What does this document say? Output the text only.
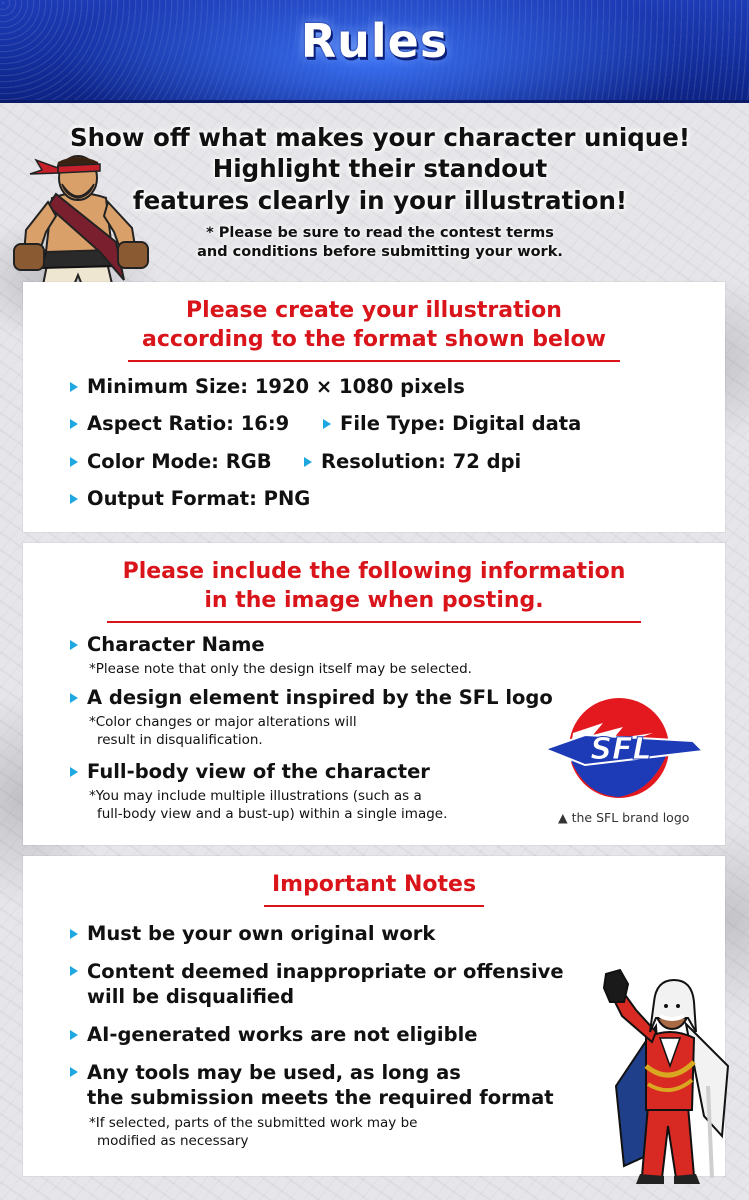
Rules

Show off what makes your character unique!
Highlight their standout
features clearly in your illustration!

* Please be sure to read the contest terms
and conditions before submitting your work.
Please create your illustration
according to the format shown below
Minimum Size: 1920 × 1080 pixels
Aspect Ratio: 16:9	File Type: Digital data
Color Mode: RGB	Resolution: 72 dpi
Output Format: PNG
Please include the following information
in the image when posting.
Character Name
*Please note that only the design itself may be selected.
A design element inspired by the SFL logo
*Color changes or major alterations will
result in disqualification.
Full-body view of the character
*You may include multiple illustrations (such as a
full-body view and a bust-up) within a single image.
SFL
▲ the SFL brand logo
Important Notes
Must be your own original work
Content deemed inappropriate or offensive
will be disqualified
AI-generated works are not eligible
Any tools may be used, as long as
the submission meets the required format
*If selected, parts of the submitted work may be
modified as necessary
